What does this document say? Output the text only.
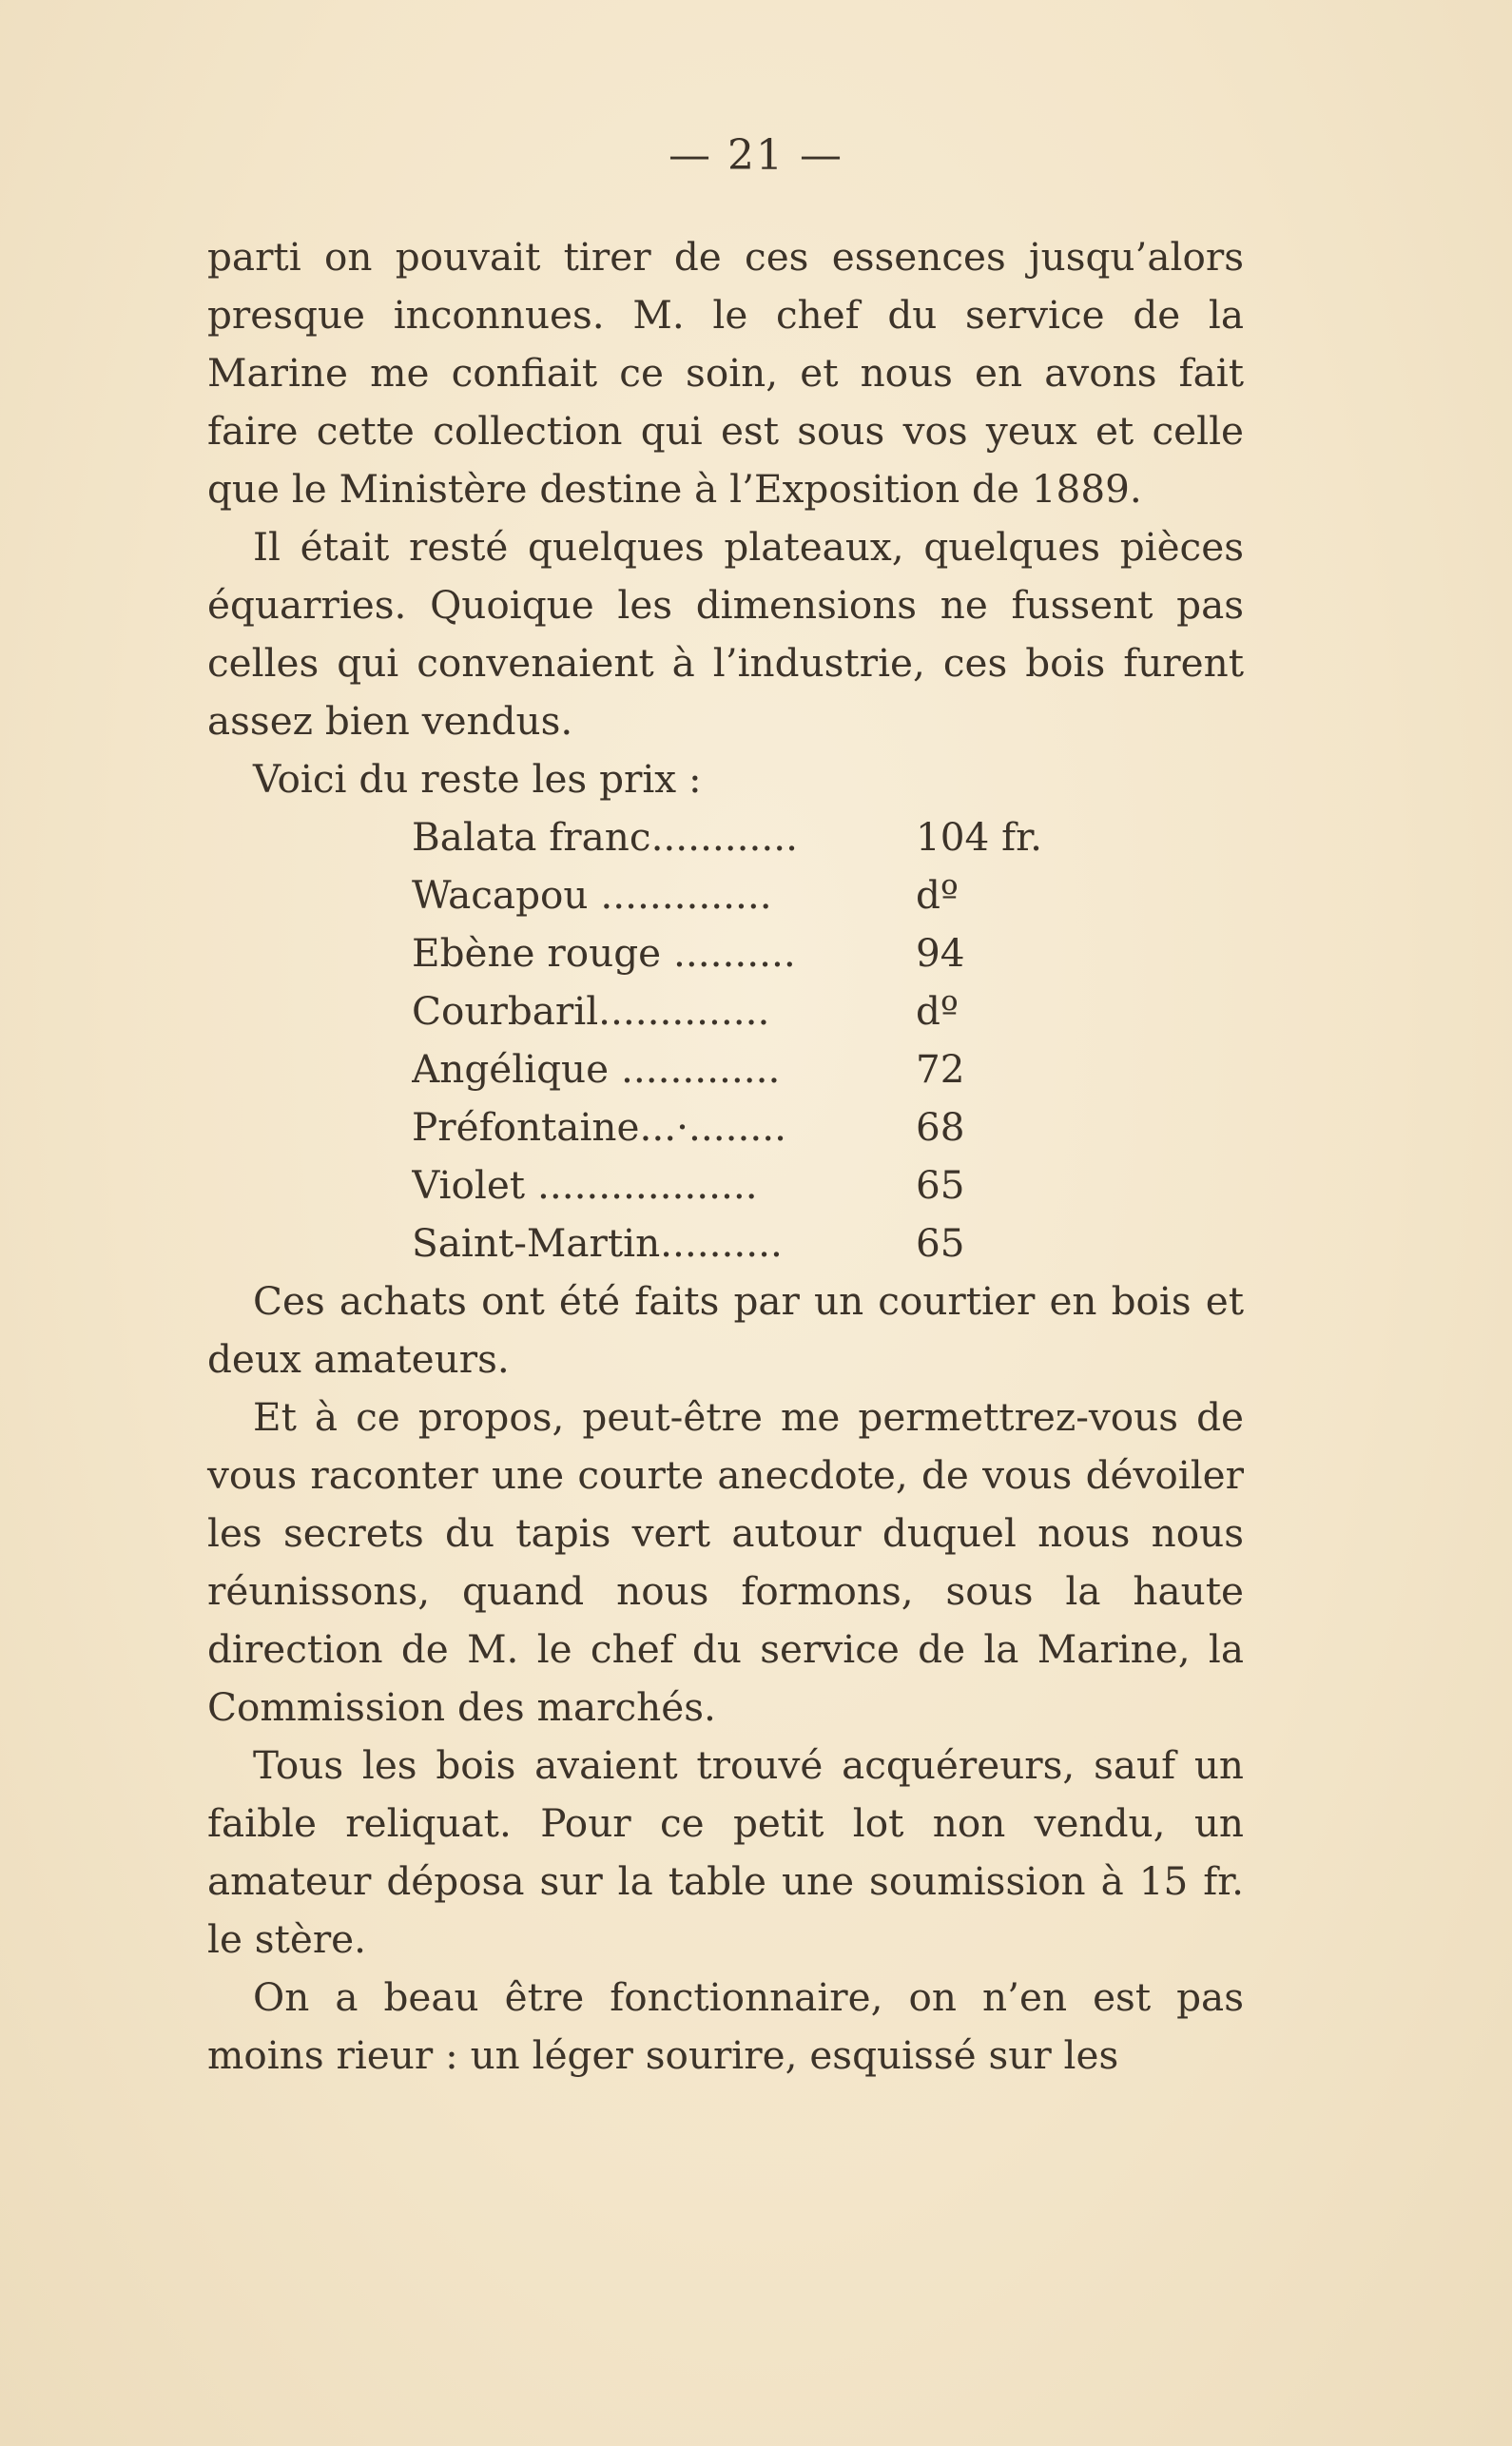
— 21 —

parti on pouvait tirer de ces essences jusqu’alors presque inconnues. M. le chef du service de la Marine me confiait ce soin, et nous en avons fait faire cette collection qui est sous vos yeux et celle que le Ministère destine à l’Exposition de 1889.

Il était resté quelques plateaux, quelques pièces équarries. Quoique les dimensions ne fussent pas celles qui convenaient à l’industrie, ces bois furent assez bien vendus.

Voici du reste les prix :

Balata franc............	104 fr.
Wacapou ..............	dº
Ebène rouge ..........	94
Courbaril..............	dº
Angélique .............	72
Préfontaine...·........	68
Violet ..................	65
Saint-Martin..........	65

Ces achats ont été faits par un courtier en bois et deux amateurs.

Et à ce propos, peut-être me permettrez-vous de vous raconter une courte anecdote, de vous dévoiler les secrets du tapis vert autour duquel nous nous réunissons, quand nous formons, sous la haute direction de M. le chef du service de la Marine, la Commission des marchés.

Tous les bois avaient trouvé acquéreurs, sauf un faible reliquat. Pour ce petit lot non vendu, un amateur déposa sur la table une soumission à 15 fr. le stère.

On a beau être fonctionnaire, on n’en est pas moins rieur : un léger sourire, esquissé sur les
